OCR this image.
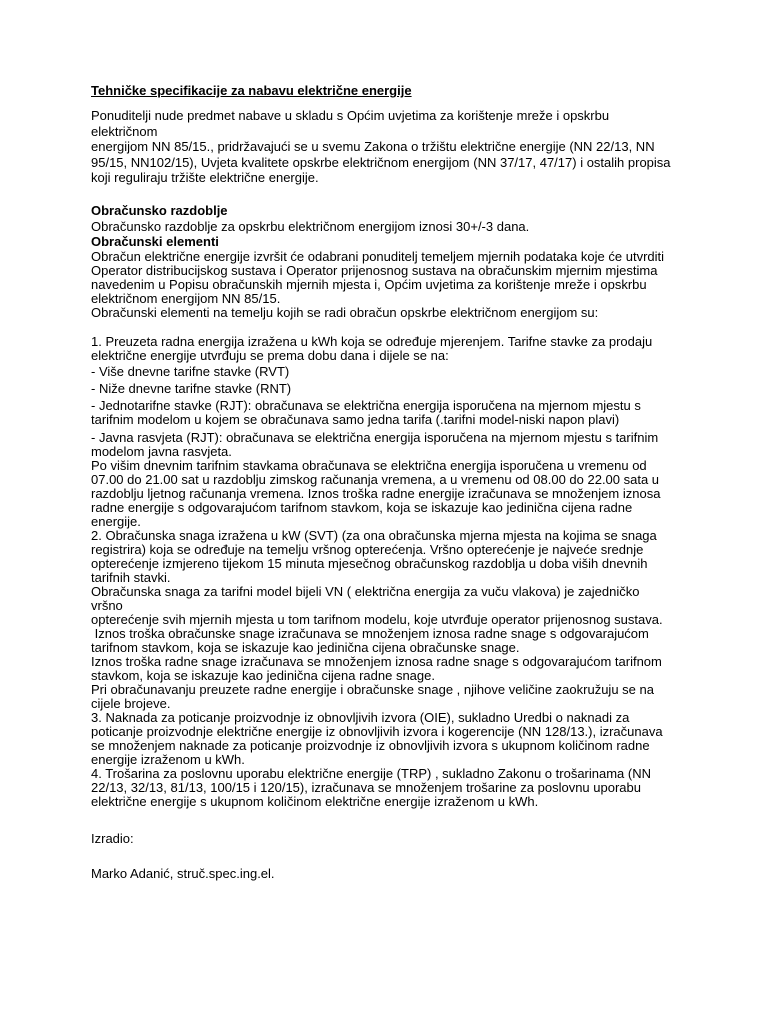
Tehničke specifikacije za nabavu električne energije

Ponuditelji nude predmet nabave u skladu s Općim uvjetima za korištenje mreže i opskrbu električnom
energijom NN 85/15., pridržavajući se u svemu Zakona o tržištu električne energije (NN 22/13, NN
95/15, NN102/15), Uvjeta kvalitete opskrbe električnom energijom (NN 37/17, 47/17) i ostalih propisa
koji reguliraju tržište električne energije.
Obračunsko razdoblje
Obračunsko razdoblje za opskrbu električnom energijom iznosi 30+/-3 dana.
Obračunski elementi
Obračun električne energije izvršit će odabrani ponuditelj temeljem mjernih podataka koje će utvrditi
Operator distribucijskog sustava i Operator prijenosnog sustava na obračunskim mjernim mjestima
navedenim u Popisu obračunskih mjernih mjesta i, Općim uvjetima za korištenje mreže i opskrbu
električnom energijom NN 85/15.
Obračunski elementi na temelju kojih se radi obračun opskrbe električnom energijom su:
1. Preuzeta radna energija izražena u kWh koja se određuje mjerenjem. Tarifne stavke za prodaju
električne energije utvrđuju se prema dobu dana i dijele se na:
- Više dnevne tarifne stavke (RVT)
- Niže dnevne tarifne stavke (RNT)
- Jednotarifne stavke (RJT): obračunava se električna energija isporučena na mjernom mjestu s
tarifnim modelom u kojem se obračunava samo jedna tarifa (.tarifni model-niski napon plavi)
- Javna rasvjeta (RJT): obračunava se električna energija isporučena na mjernom mjestu s tarifnim
modelom javna rasvjeta.
Po višim dnevnim tarifnim stavkama obračunava se električna energija isporučena u vremenu od
07.00 do 21.00 sat u razdoblju zimskog računanja vremena, a u vremenu od 08.00 do 22.00 sata u
razdoblju ljetnog računanja vremena. Iznos troška radne energije izračunava se množenjem iznosa
radne energije s odgovarajućom tarifnom stavkom, koja se iskazuje kao jedinična cijena radne
energije.
2. Obračunska snaga izražena u kW (SVT) (za ona obračunska mjerna mjesta na kojima se snaga
registrira) koja se određuje na temelju vršnog opterećenja. Vršno opterećenje je najveće srednje
opterećenje izmjereno tijekom 15 minuta mjesečnog obračunskog razdoblja u doba viših dnevnih
tarifnih stavki.
Obračunska snaga za tarifni model bijeli VN ( električna energija za vuču vlakova) je zajedničko vršno
opterećenje svih mjernih mjesta u tom tarifnom modelu, koje utvrđuje operator prijenosnog sustava.
Iznos troška obračunske snage izračunava se množenjem iznosa radne snage s odgovarajućom
tarifnom stavkom, koja se iskazuje kao jedinična cijena obračunske snage.
Iznos troška radne snage izračunava se množenjem iznosa radne snage s odgovarajućom tarifnom
stavkom, koja se iskazuje kao jedinična cijena radne snage.
Pri obračunavanju preuzete radne energije i obračunske snage , njihove veličine zaokružuju se na
cijele brojeve.
3. Naknada za poticanje proizvodnje iz obnovljivih izvora (OIE), sukladno Uredbi o naknadi za
poticanje proizvodnje električne energije iz obnovljivih izvora i kogerencije (NN 128/13.), izračunava
se množenjem naknade za poticanje proizvodnje iz obnovljivih izvora s ukupnom količinom radne
energije izraženom u kWh.
4. Trošarina za poslovnu uporabu električne energije (TRP) , sukladno Zakonu o trošarinama (NN
22/13, 32/13, 81/13, 100/15 i 120/15), izračunava se množenjem trošarine za poslovnu uporabu
električne energije s ukupnom količinom električne energije izraženom u kWh.
Izradio:
Marko Adanić, struč.spec.ing.el.
